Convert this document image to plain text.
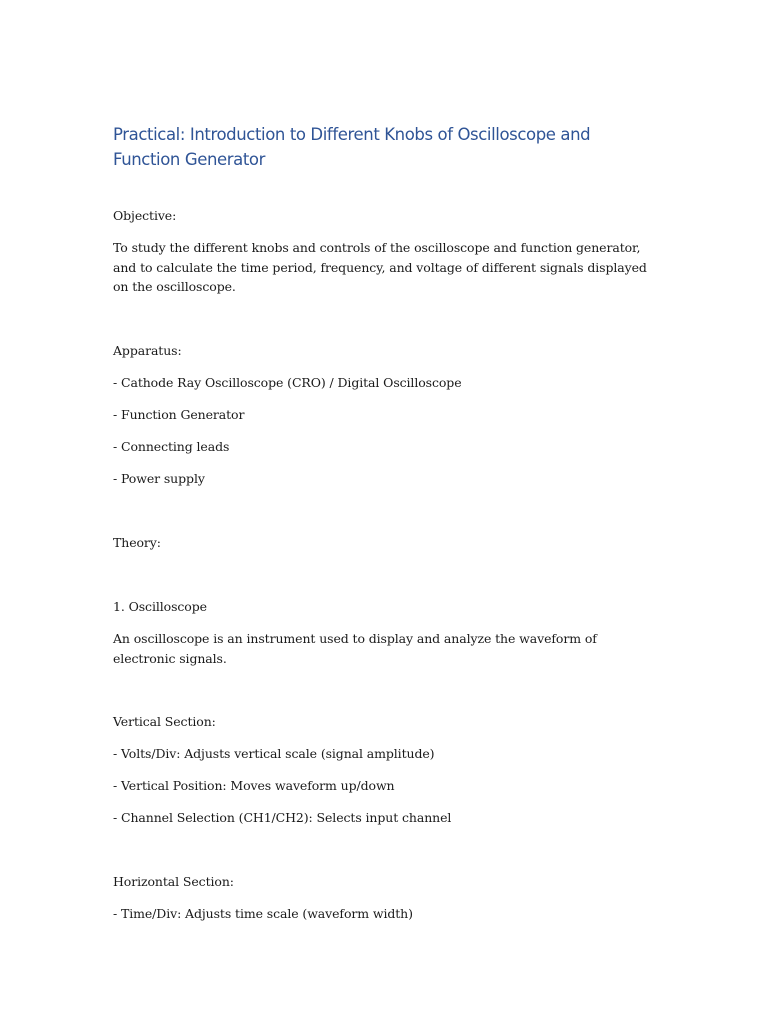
Practical: Introduction to Different Knobs of Oscilloscope and Function Generator

Objective:

To study the different knobs and controls of the oscilloscope and function generator, and to calculate the time period, frequency, and voltage of different signals displayed on the oscilloscope.

Apparatus:

- Cathode Ray Oscilloscope (CRO) / Digital Oscilloscope

- Function Generator

- Connecting leads

- Power supply

Theory:

1. Oscilloscope

An oscilloscope is an instrument used to display and analyze the waveform of electronic signals.

Vertical Section:

- Volts/Div: Adjusts vertical scale (signal amplitude)

- Vertical Position: Moves waveform up/down

- Channel Selection (CH1/CH2): Selects input channel

Horizontal Section:

- Time/Div: Adjusts time scale (waveform width)
